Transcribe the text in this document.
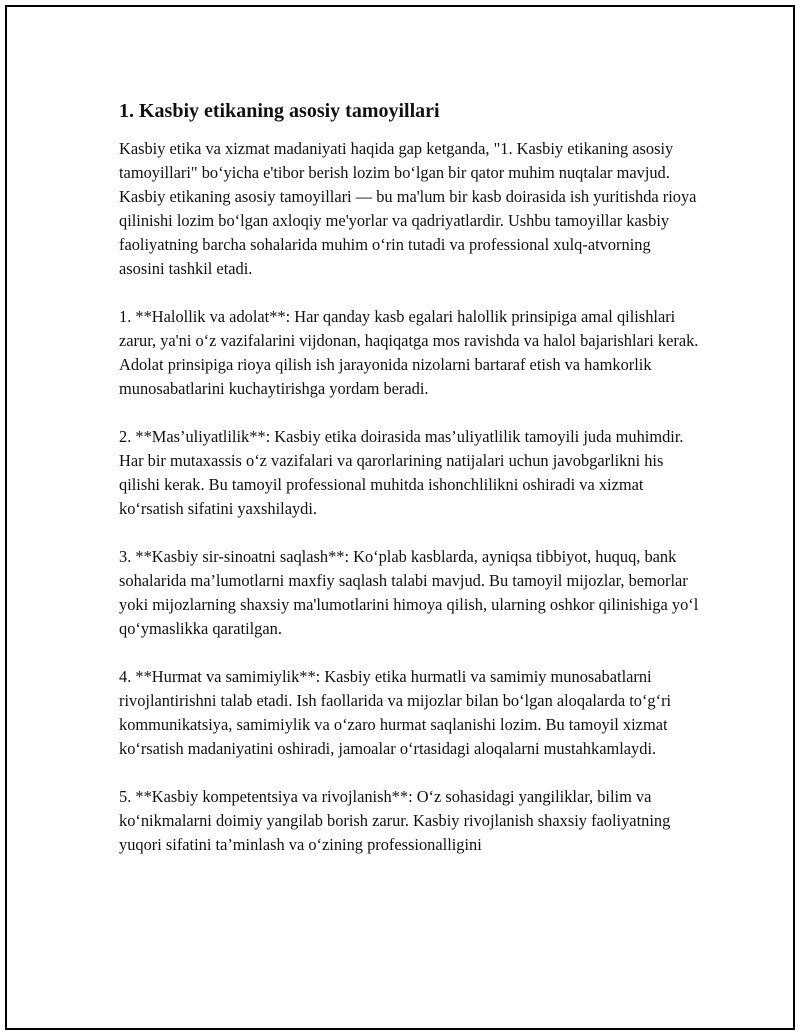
1. Kasbiy etikaning asosiy tamoyillari

Kasbiy etika va xizmat madaniyati haqida gap ketganda, "1. Kasbiy etikaning asosiy tamoyillari" bo‘yicha e'tibor berish lozim bo‘lgan bir qator muhim nuqtalar mavjud. Kasbiy etikaning asosiy tamoyillari — bu ma'lum bir kasb doirasida ish yuritishda rioya qilinishi lozim bo‘lgan axloqiy me'yorlar va qadriyatlardir. Ushbu tamoyillar kasbiy faoliyatning barcha sohalarida muhim o‘rin tutadi va professional xulq-atvorning asosini tashkil etadi.

1. **Halollik va adolat**: Har qanday kasb egalari halollik prinsipiga amal qilishlari zarur, ya'ni o‘z vazifalarini vijdonan, haqiqatga mos ravishda va halol bajarishlari kerak. Adolat prinsipiga rioya qilish ish jarayonida nizolarni bartaraf etish va hamkorlik munosabatlarini kuchaytirishga yordam beradi.

2. **Mas’uliyatlilik**: Kasbiy etika doirasida mas’uliyatlilik tamoyili juda muhimdir. Har bir mutaxassis o‘z vazifalari va qarorlarining natijalari uchun javobgarlikni his qilishi kerak. Bu tamoyil professional muhitda ishonchlilikni oshiradi va xizmat ko‘rsatish sifatini yaxshilaydi.

3. **Kasbiy sir-sinoatni saqlash**: Ko‘plab kasblarda, ayniqsa tibbiyot, huquq, bank sohalarida ma’lumotlarni maxfiy saqlash talabi mavjud. Bu tamoyil mijozlar, bemorlar yoki mijozlarning shaxsiy ma'lumotlarini himoya qilish, ularning oshkor qilinishiga yo‘l qo‘ymaslikka qaratilgan.

4. **Hurmat va samimiylik**: Kasbiy etika hurmatli va samimiy munosabatlarni rivojlantirishni talab etadi. Ish faollarida va mijozlar bilan bo‘lgan aloqalarda to‘g‘ri kommunikatsiya, samimiylik va o‘zaro hurmat saqlanishi lozim. Bu tamoyil xizmat ko‘rsatish madaniyatini oshiradi, jamoalar o‘rtasidagi aloqalarni mustahkamlaydi.

5. **Kasbiy kompetentsiya va rivojlanish**: O‘z sohasidagi yangiliklar, bilim va ko‘nikmalarni doimiy yangilab borish zarur. Kasbiy rivojlanish shaxsiy faoliyatning yuqori sifatini ta’minlash va o‘zining professionalligini
